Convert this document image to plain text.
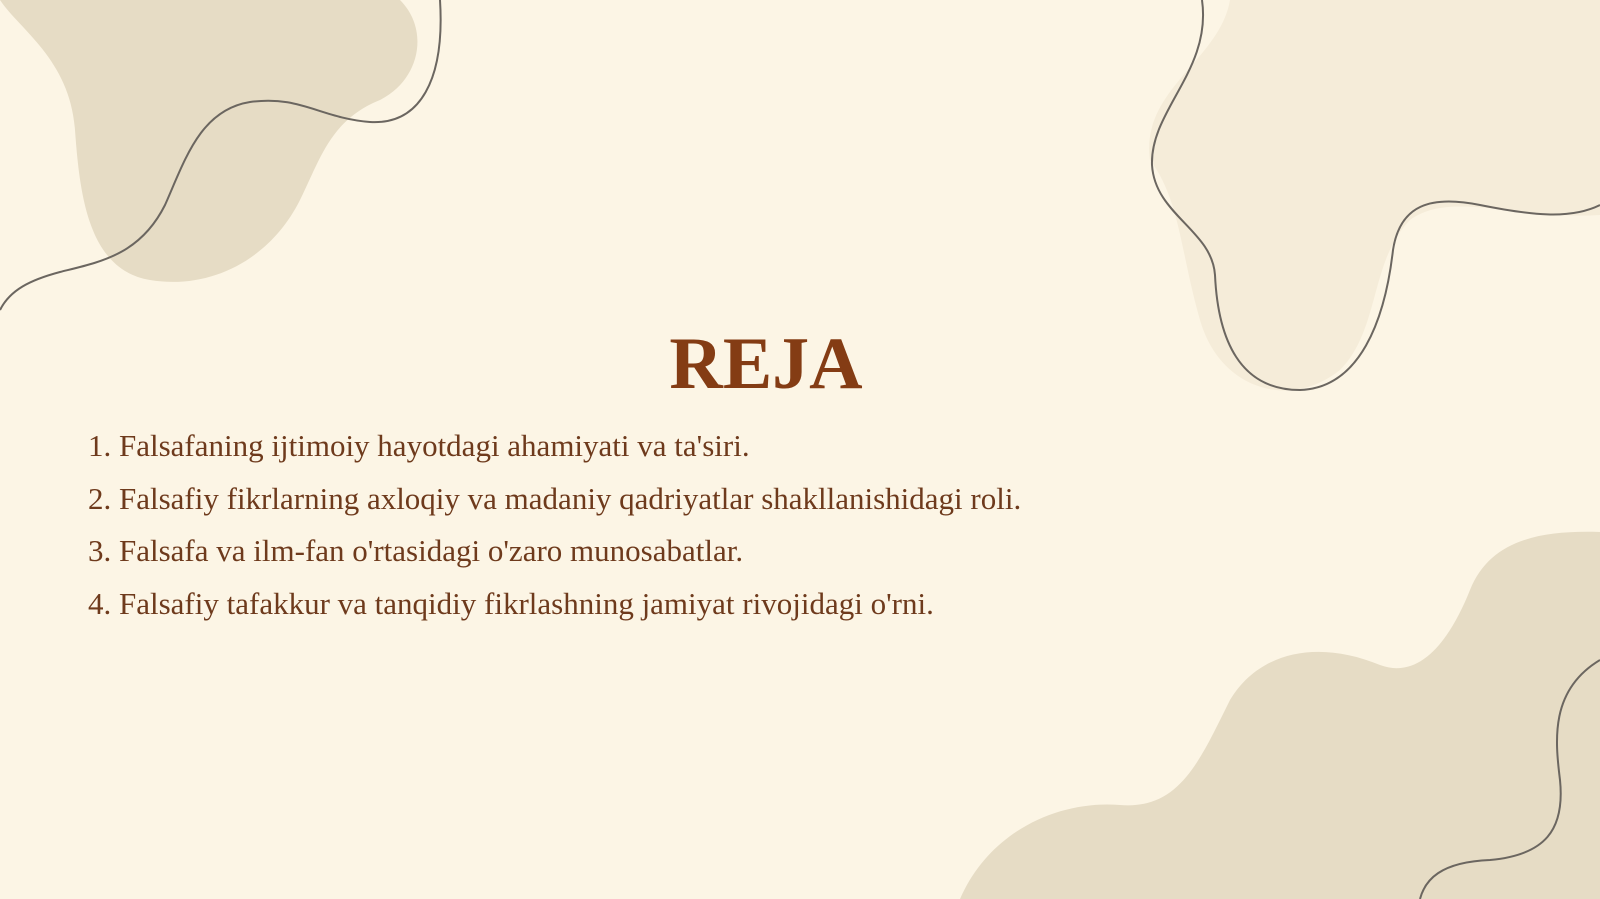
REJA
1. Falsafaning ijtimoiy hayotdagi ahamiyati va ta'siri.
2. Falsafiy fikrlarning axloqiy va madaniy qadriyatlar shakllanishidagi roli.
3. Falsafa va ilm-fan o'rtasidagi o'zaro munosabatlar.
4. Falsafiy tafakkur va tanqidiy fikrlashning jamiyat rivojidagi o'rni.
